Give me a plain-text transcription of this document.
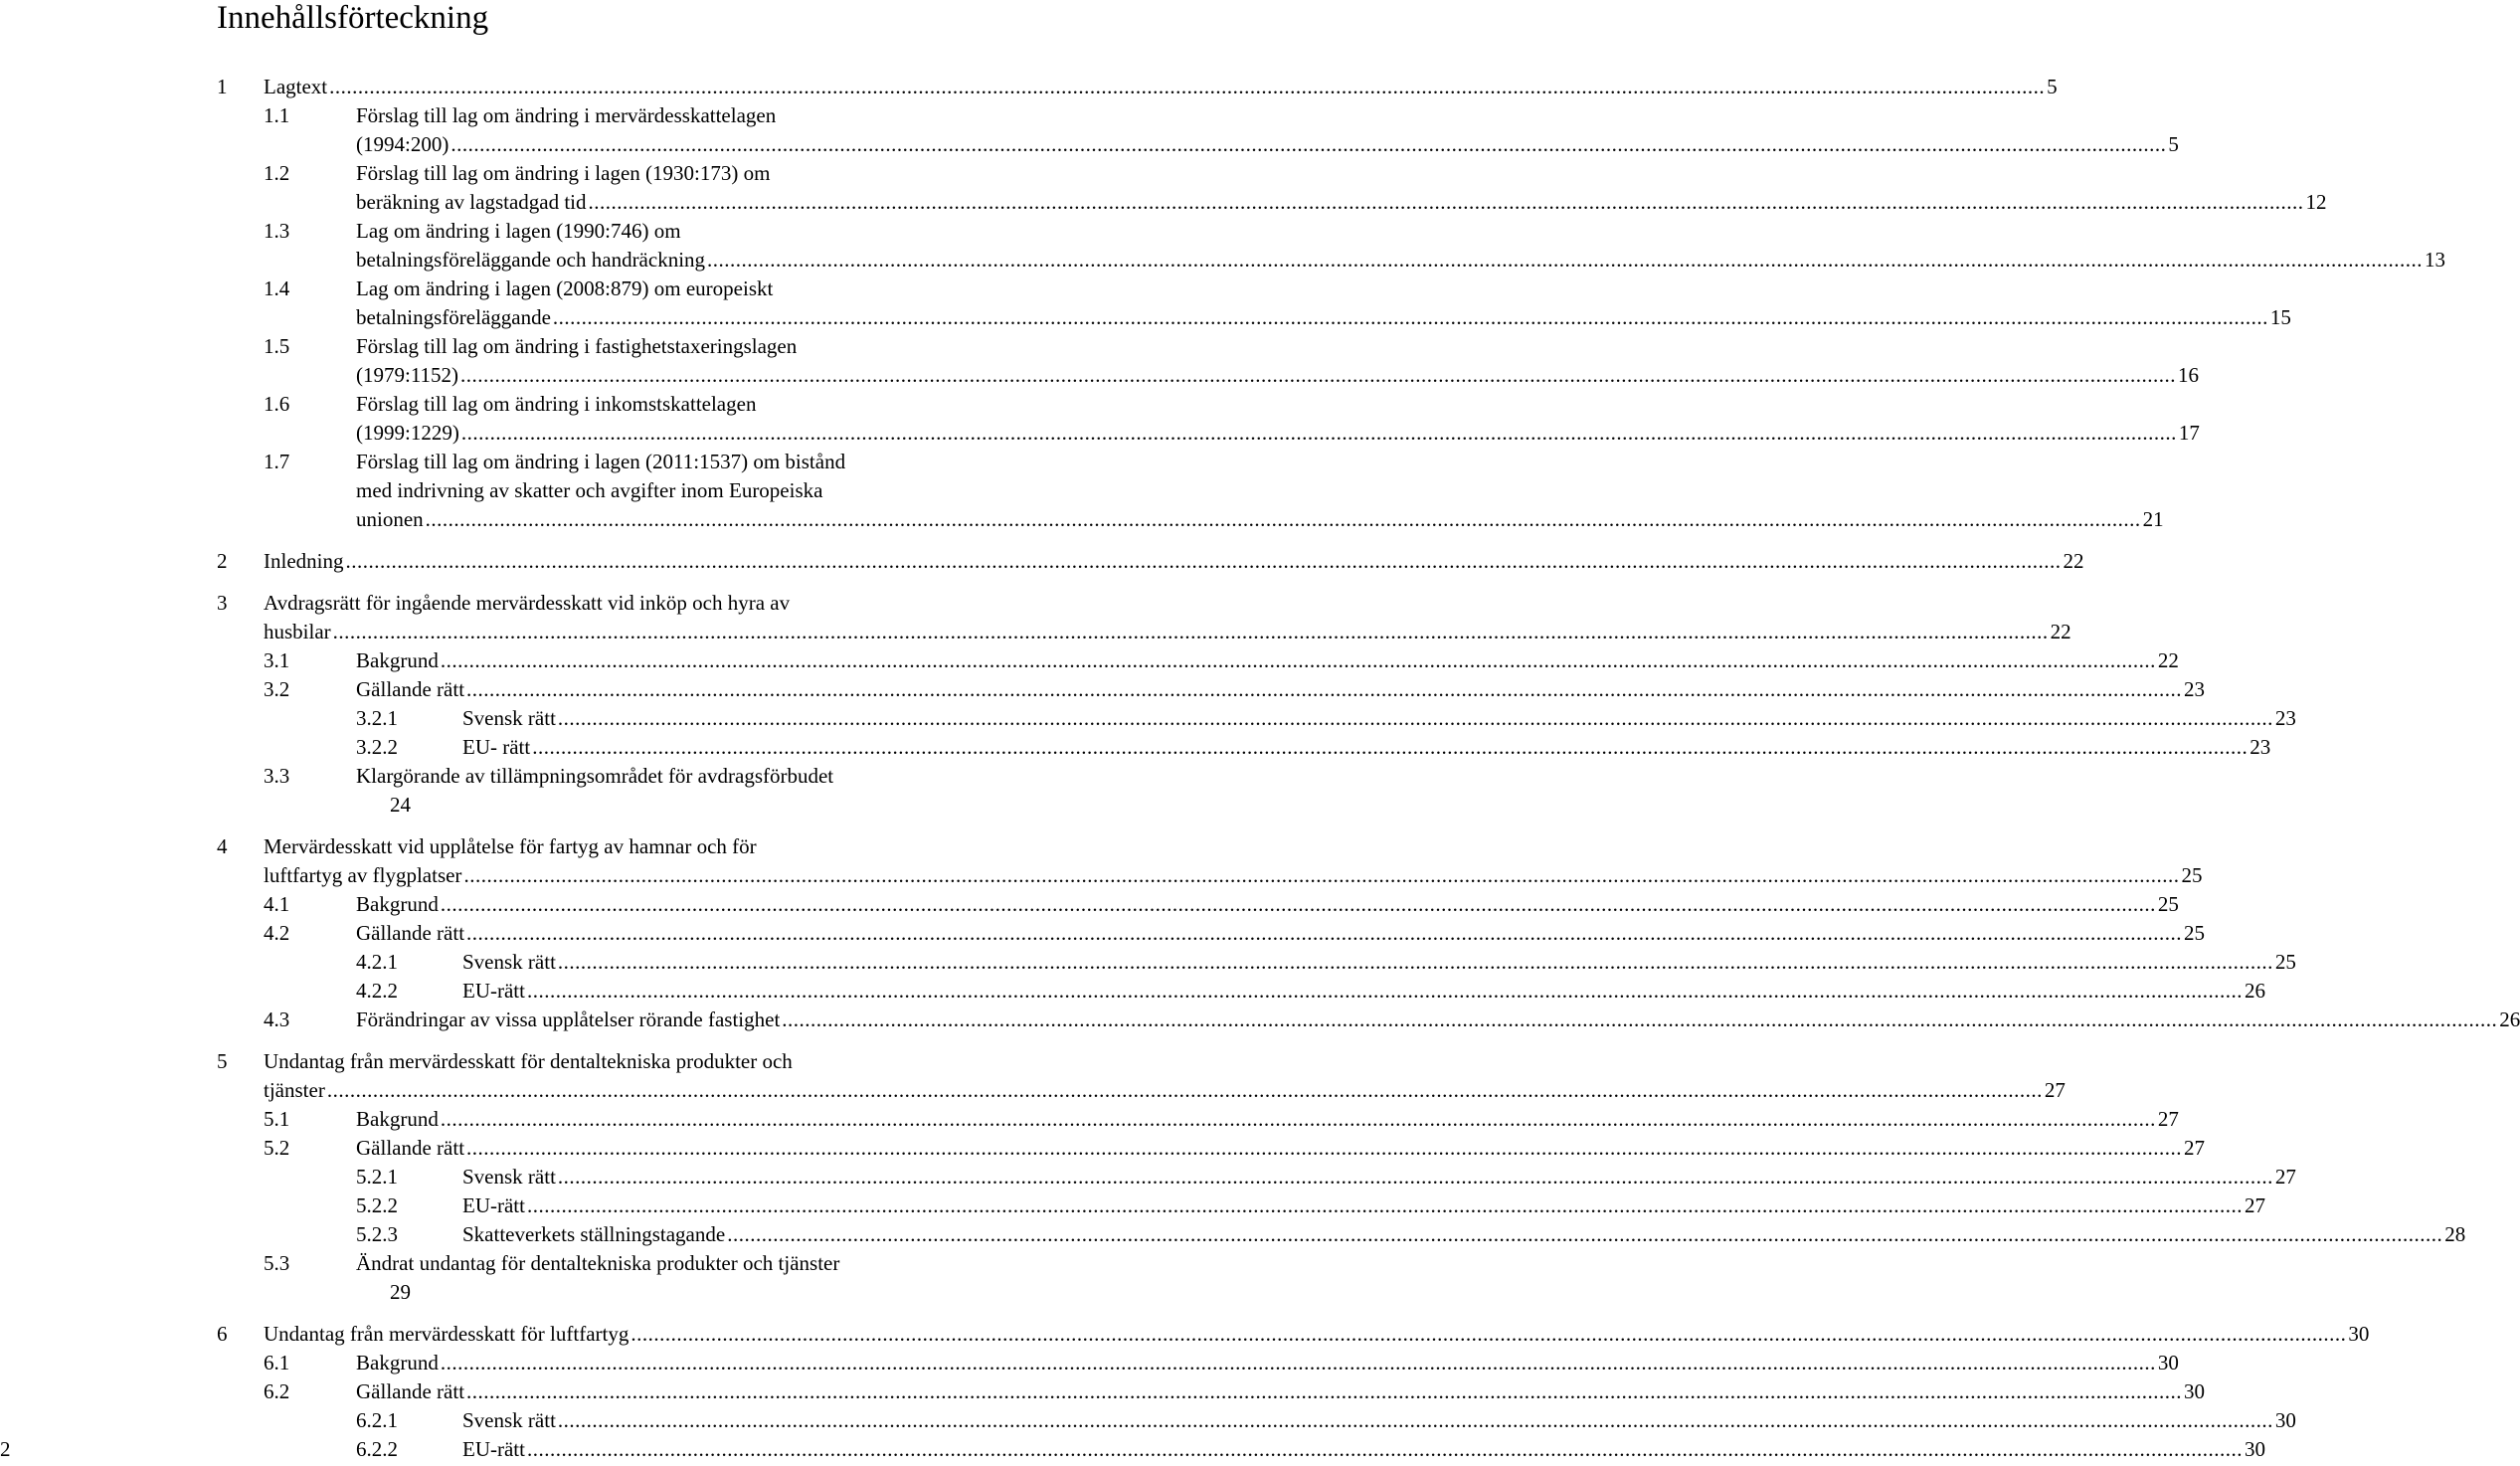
Innehållsförteckning
1 Lagtext ............................................................................................................................................................................................................................................................................................................ 5
1.1	Förslag till lag om ändring i mervärdesskattelagen
(1994:200) ............................................................................................................................................................................................................................................................................................................ 5
1.2	Förslag till lag om ändring i lagen (1930:173) om
beräkning av lagstadgad tid ............................................................................................................................................................................................................................................................................................................ 12
1.3	Lag om ändring i lagen (1990:746) om
betalningsföreläggande och handräckning ............................................................................................................................................................................................................................................................................................................ 13
1.4	Lag om ändring i lagen (2008:879) om europeiskt
betalningsföreläggande ............................................................................................................................................................................................................................................................................................................ 15
1.5	Förslag till lag om ändring i fastighetstaxeringslagen
(1979:1152) ............................................................................................................................................................................................................................................................................................................ 16
1.6	Förslag till lag om ändring i inkomstskattelagen
(1999:1229) ............................................................................................................................................................................................................................................................................................................ 17
1.7	Förslag till lag om ändring i lagen (2011:1537) om bistånd
med indrivning av skatter och avgifter inom Europeiska
unionen ............................................................................................................................................................................................................................................................................................................ 21
2 Inledning ............................................................................................................................................................................................................................................................................................................ 22
3 Avdragsrätt för ingående mervärdesskatt vid inköp och hyra av
husbilar ............................................................................................................................................................................................................................................................................................................ 22
3.1	Bakgrund ............................................................................................................................................................................................................................................................................................................ 22
3.2	Gällande rätt ............................................................................................................................................................................................................................................................................................................ 23
3.2.1	Svensk rätt ............................................................................................................................................................................................................................................................................................................ 23
3.2.2	EU- rätt ............................................................................................................................................................................................................................................................................................................ 23
3.3	Klargörande av tillämpningsområdet för avdragsförbudet
24
4 Mervärdesskatt vid upplåtelse för fartyg av hamnar och för
luftfartyg av flygplatser ............................................................................................................................................................................................................................................................................................................ 25
4.1	Bakgrund ............................................................................................................................................................................................................................................................................................................ 25
4.2	Gällande rätt ............................................................................................................................................................................................................................................................................................................ 25
4.2.1	Svensk rätt ............................................................................................................................................................................................................................................................................................................ 25
4.2.2	EU-rätt ............................................................................................................................................................................................................................................................................................................ 26
4.3	Förändringar av vissa upplåtelser rörande fastighet ............................................................................................................................................................................................................................................................................................................ 26
5 Undantag från mervärdesskatt för dentaltekniska produkter och
tjänster ............................................................................................................................................................................................................................................................................................................ 27
5.1	Bakgrund ............................................................................................................................................................................................................................................................................................................ 27
5.2	Gällande rätt ............................................................................................................................................................................................................................................................................................................ 27
5.2.1	Svensk rätt ............................................................................................................................................................................................................................................................................................................ 27
5.2.2	EU-rätt ............................................................................................................................................................................................................................................................................................................ 27
5.2.3	Skatteverkets ställningstagande ............................................................................................................................................................................................................................................................................................................ 28
5.3	Ändrat undantag för dentaltekniska produkter och tjänster
29
6 Undantag från mervärdesskatt för luftfartyg ............................................................................................................................................................................................................................................................................................................ 30
6.1	Bakgrund ............................................................................................................................................................................................................................................................................................................ 30
6.2	Gällande rätt ............................................................................................................................................................................................................................................................................................................ 30
6.2.1	Svensk rätt ............................................................................................................................................................................................................................................................................................................ 30
6.2.2	EU-rätt ............................................................................................................................................................................................................................................................................................................ 30
2
